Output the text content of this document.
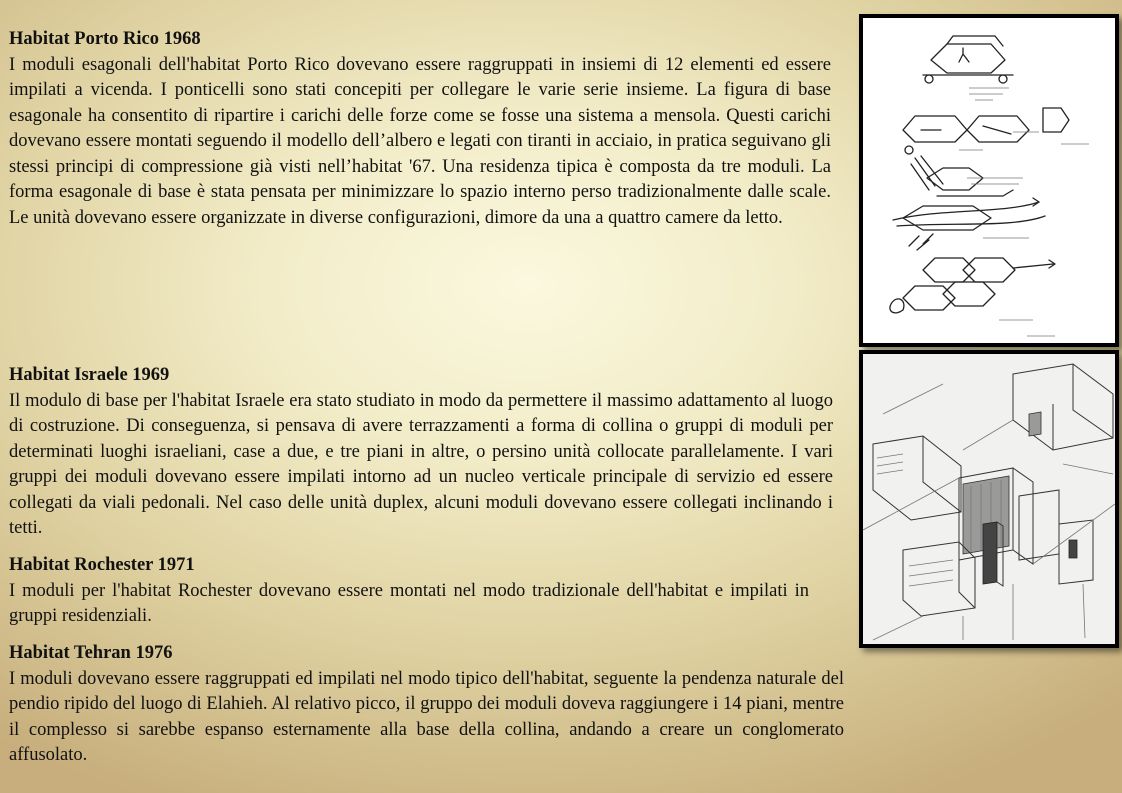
Habitat Porto Rico 1968

I moduli esagonali dell'habitat Porto Rico dovevano essere raggruppati in insiemi di 12 elementi ed essere impilati a vicenda. I ponticelli sono stati concepiti per collegare le varie serie insieme. La figura di base esagonale ha consentito di ripartire i carichi delle forze come se fosse una sistema a mensola. Questi carichi dovevano essere montati seguendo il modello dell’albero e legati con tiranti in acciaio, in pratica seguivano gli stessi principi di compressione già visti nell’habitat '67. Una residenza tipica è composta da tre moduli. La forma esagonale di base è stata pensata per minimizzare lo spazio interno perso tradizionalmente dalle scale. Le unità dovevano essere organizzate in diverse configurazioni, dimore da una a quattro camere da letto.

Habitat Israele 1969

Il modulo di base per l'habitat Israele era stato studiato in modo da permettere il massimo adattamento al luogo di costruzione. Di conseguenza, si pensava di avere terrazzamenti a forma di collina o gruppi di moduli per determinati luoghi israeliani, case a due, e tre piani in altre, o persino unità collocate parallelamente. I vari gruppi dei moduli dovevano essere impilati intorno ad un nucleo verticale principale di servizio ed essere collegati da viali pedonali. Nel caso delle unità duplex, alcuni moduli dovevano essere collegati inclinando i tetti.

Habitat Rochester 1971

I moduli per l'habitat Rochester dovevano essere montati nel modo tradizionale dell'habitat e impilati in gruppi residenziali.

Habitat Tehran 1976

I moduli dovevano essere raggruppati ed impilati nel modo tipico dell'habitat, seguente la pendenza naturale del pendio ripido del luogo di Elahieh. Al relativo picco, il gruppo dei moduli doveva raggiungere i 14 piani, mentre il complesso si sarebbe espanso esternamente alla base della collina, andando a creare un conglomerato affusolato.
